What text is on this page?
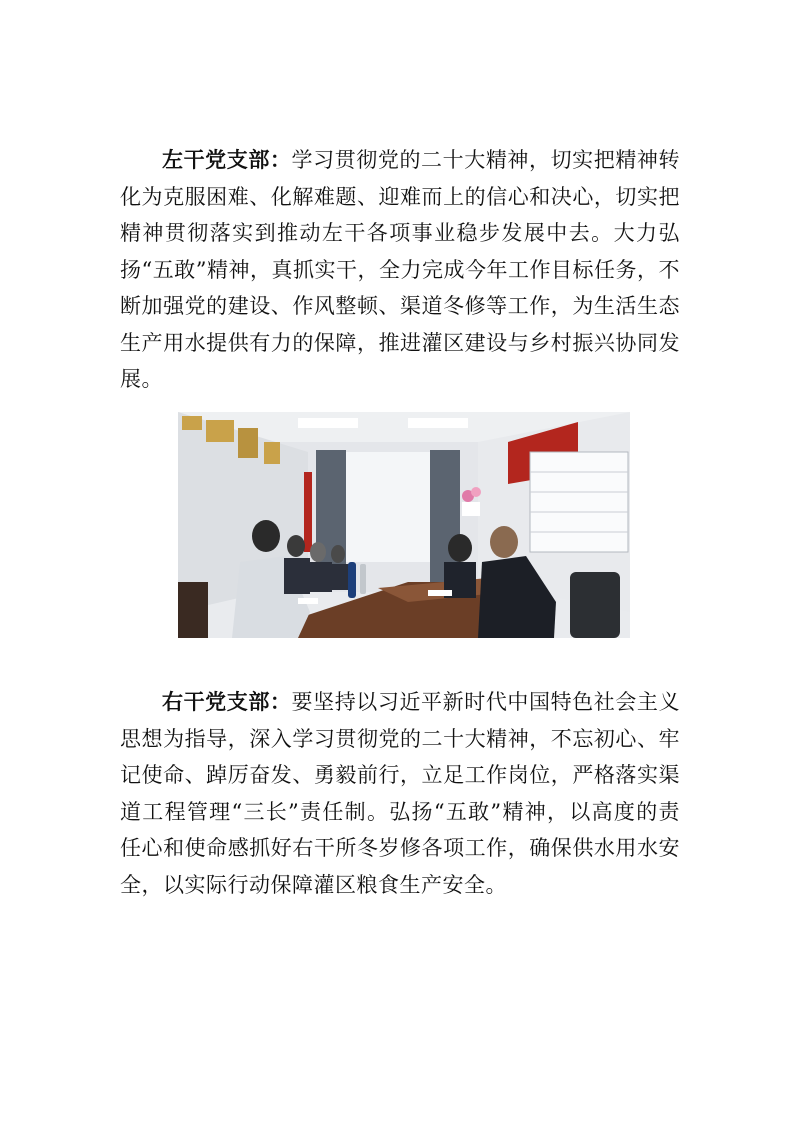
左干党支部：学习贯彻党的二十大精神，切实把精神转化为克服困难、化解难题、迎难而上的信心和决心，切实把精神贯彻落实到推动左干各项事业稳步发展中去。大力弘扬“五敢”精神，真抓实干，全力完成今年工作目标任务，不断加强党的建设、作风整顿、渠道冬修等工作，为生活生态生产用水提供有力的保障，推进灌区建设与乡村振兴协同发展。

右干党支部：要坚持以习近平新时代中国特色社会主义思想为指导，深入学习贯彻党的二十大精神，不忘初心、牢记使命、踔厉奋发、勇毅前行，立足工作岗位，严格落实渠道工程管理“三长”责任制。弘扬“五敢”精神，以高度的责任心和使命感抓好右干所冬岁修各项工作，确保供水用水安全，以实际行动保障灌区粮食生产安全。
